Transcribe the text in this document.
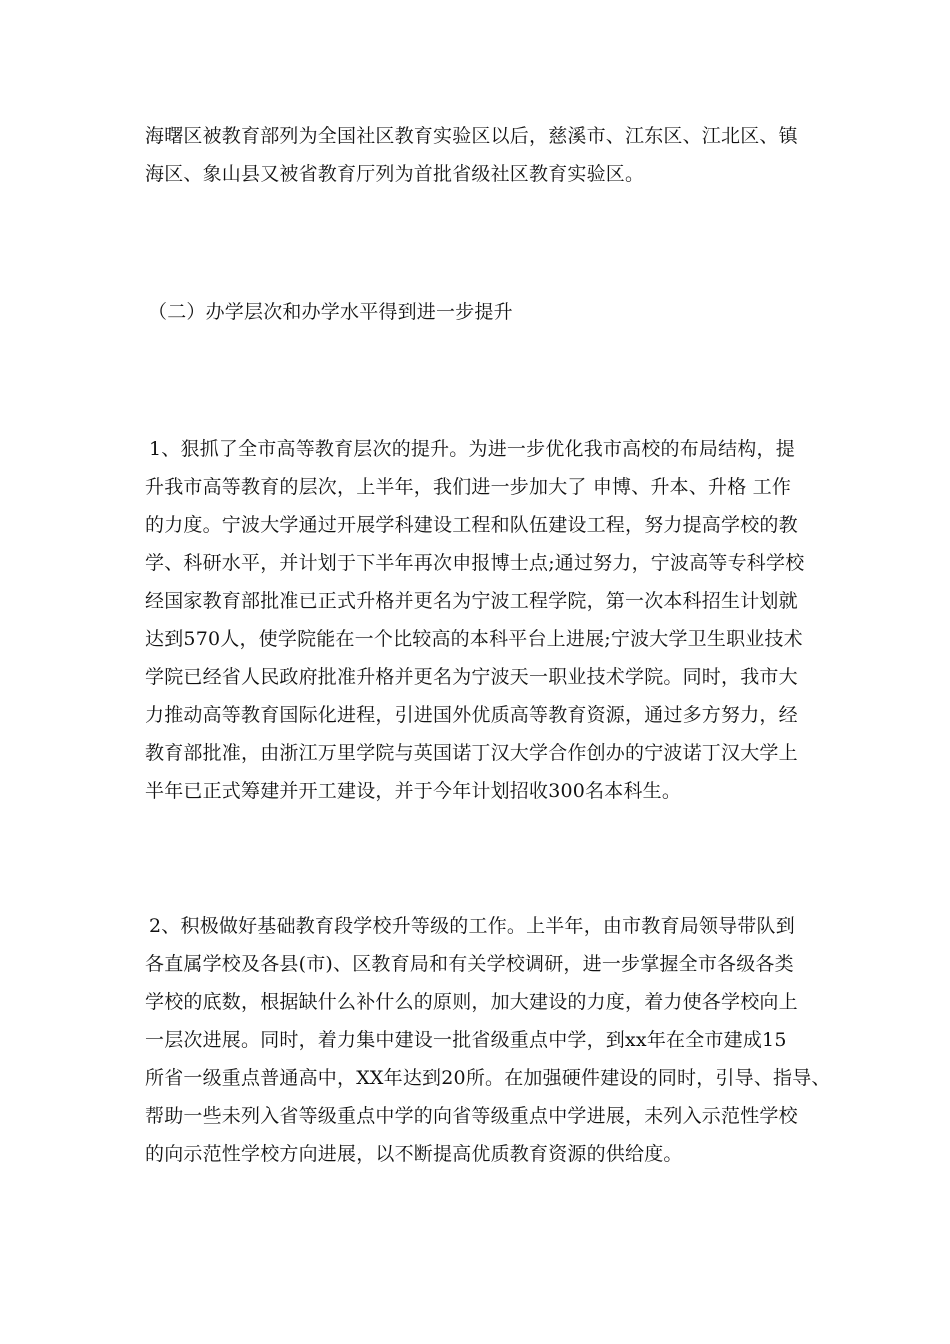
海曙区被教育部列为全国社区教育实验区以后，慈溪市、江东区、江北区、镇
海区、象山县又被省教育厅列为首批省级社区教育实验区。
（二）办学层次和办学水平得到进一步提升
1、狠抓了全市高等教育层次的提升。为进一步优化我市高校的布局结构，提
升我市高等教育的层次，上半年，我们进一步加大了 申博、升本、升格 工作
的力度。宁波大学通过开展学科建设工程和队伍建设工程，努力提高学校的教
学、科研水平，并计划于下半年再次申报博士点;通过努力，宁波高等专科学校
经国家教育部批准已正式升格并更名为宁波工程学院，第一次本科招生计划就
达到570人，使学院能在一个比较高的本科平台上进展;宁波大学卫生职业技术
学院已经省人民政府批准升格并更名为宁波天一职业技术学院。同时，我市大
力推动高等教育国际化进程，引进国外优质高等教育资源，通过多方努力，经
教育部批准，由浙江万里学院与英国诺丁汉大学合作创办的宁波诺丁汉大学上
半年已正式筹建并开工建设，并于今年计划招收300名本科生。
2、积极做好基础教育段学校升等级的工作。上半年，由市教育局领导带队到
各直属学校及各县(市)、区教育局和有关学校调研，进一步掌握全市各级各类
学校的底数，根据缺什么补什么的原则，加大建设的力度，着力使各学校向上
一层次进展。同时，着力集中建设一批省级重点中学，到xx年在全市建成15
所省一级重点普通高中，XX年达到20所。在加强硬件建设的同时，引导、指导、
帮助一些未列入省等级重点中学的向省等级重点中学进展，未列入示范性学校
的向示范性学校方向进展，以不断提高优质教育资源的供给度。
